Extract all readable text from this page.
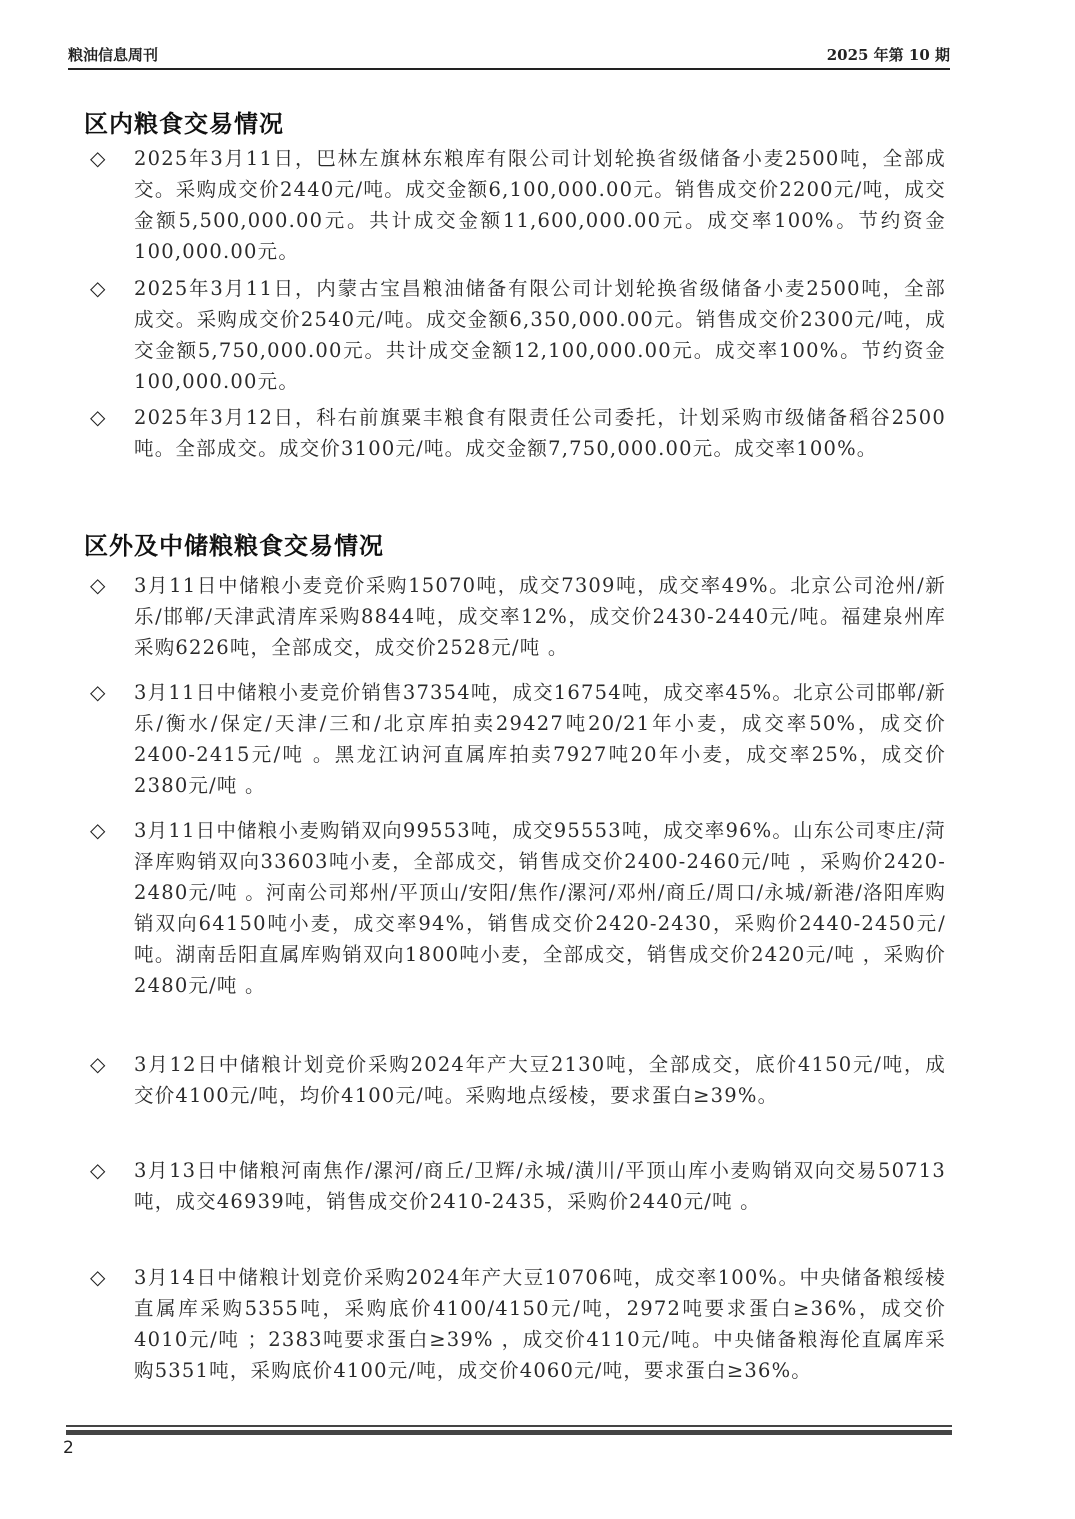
粮油信息周刊	2025 年第 10 期
区内粮食交易情况
◇ 2025年3月11日，巴林左旗林东粮库有限公司计划轮换省级储备小麦2500吨，全部成交。采购成交价2440元/吨。成交金额6,100,000.00元。销售成交价2200元/吨，成交金额5,500,000.00元。共计成交金额11,600,000.00元。成交率100%。节约资金100,000.00元。
◇ 2025年3月11日，内蒙古宝昌粮油储备有限公司计划轮换省级储备小麦2500吨，全部成交。采购成交价2540元/吨。成交金额6,350,000.00元。销售成交价2300元/吨，成交金额5,750,000.00元。共计成交金额12,100,000.00元。成交率100%。节约资金100,000.00元。
◇ 2025年3月12日，科右前旗粟丰粮食有限责任公司委托，计划采购市级储备稻谷2500吨。全部成交。成交价3100元/吨。成交金额7,750,000.00元。成交率100%。
区外及中储粮粮食交易情况
◇ 3月11日中储粮小麦竞价采购15070吨，成交7309吨，成交率49%。北京公司沧州/新乐/邯郸/天津武清库采购8844吨，成交率12%，成交价2430-2440元/吨。福建泉州库采购6226吨，全部成交，成交价2528元/吨 。
◇ 3月11日中储粮小麦竞价销售37354吨，成交16754吨，成交率45%。北京公司邯郸/新乐/衡水/保定/天津/三和/北京库拍卖29427吨20/21年小麦，成交率50%，成交价2400-2415元/吨 。黑龙江讷河直属库拍卖7927吨20年小麦，成交率25%，成交价2380元/吨 。
◇ 3月11日中储粮小麦购销双向99553吨，成交95553吨，成交率96%。山东公司枣庄/菏泽库购销双向33603吨小麦，全部成交，销售成交价2400-2460元/吨 ，采购价2420-2480元/吨 。河南公司郑州/平顶山/安阳/焦作/漯河/邓州/商丘/周口/永城/新港/洛阳库购销双向64150吨小麦，成交率94%，销售成交价2420-2430，采购价2440-2450元/吨。湖南岳阳直属库购销双向1800吨小麦，全部成交，销售成交价2420元/吨 ，采购价2480元/吨 。
◇ 3月12日中储粮计划竞价采购2024年产大豆2130吨，全部成交，底价4150元/吨，成交价4100元/吨，均价4100元/吨。采购地点绥棱，要求蛋白≥39%。
◇ 3月13日中储粮河南焦作/漯河/商丘/卫辉/永城/潢川/平顶山库小麦购销双向交易50713吨，成交46939吨，销售成交价2410-2435，采购价2440元/吨 。
◇ 3月14日中储粮计划竞价采购2024年产大豆10706吨，成交率100%。中央储备粮绥棱直属库采购5355吨，采购底价4100/4150元/吨，2972吨要求蛋白≥36%，成交价4010元/吨 ；2383吨要求蛋白≥39% ，成交价4110元/吨。中央储备粮海伦直属库采购5351吨，采购底价4100元/吨，成交价4060元/吨，要求蛋白≥36%。
2
